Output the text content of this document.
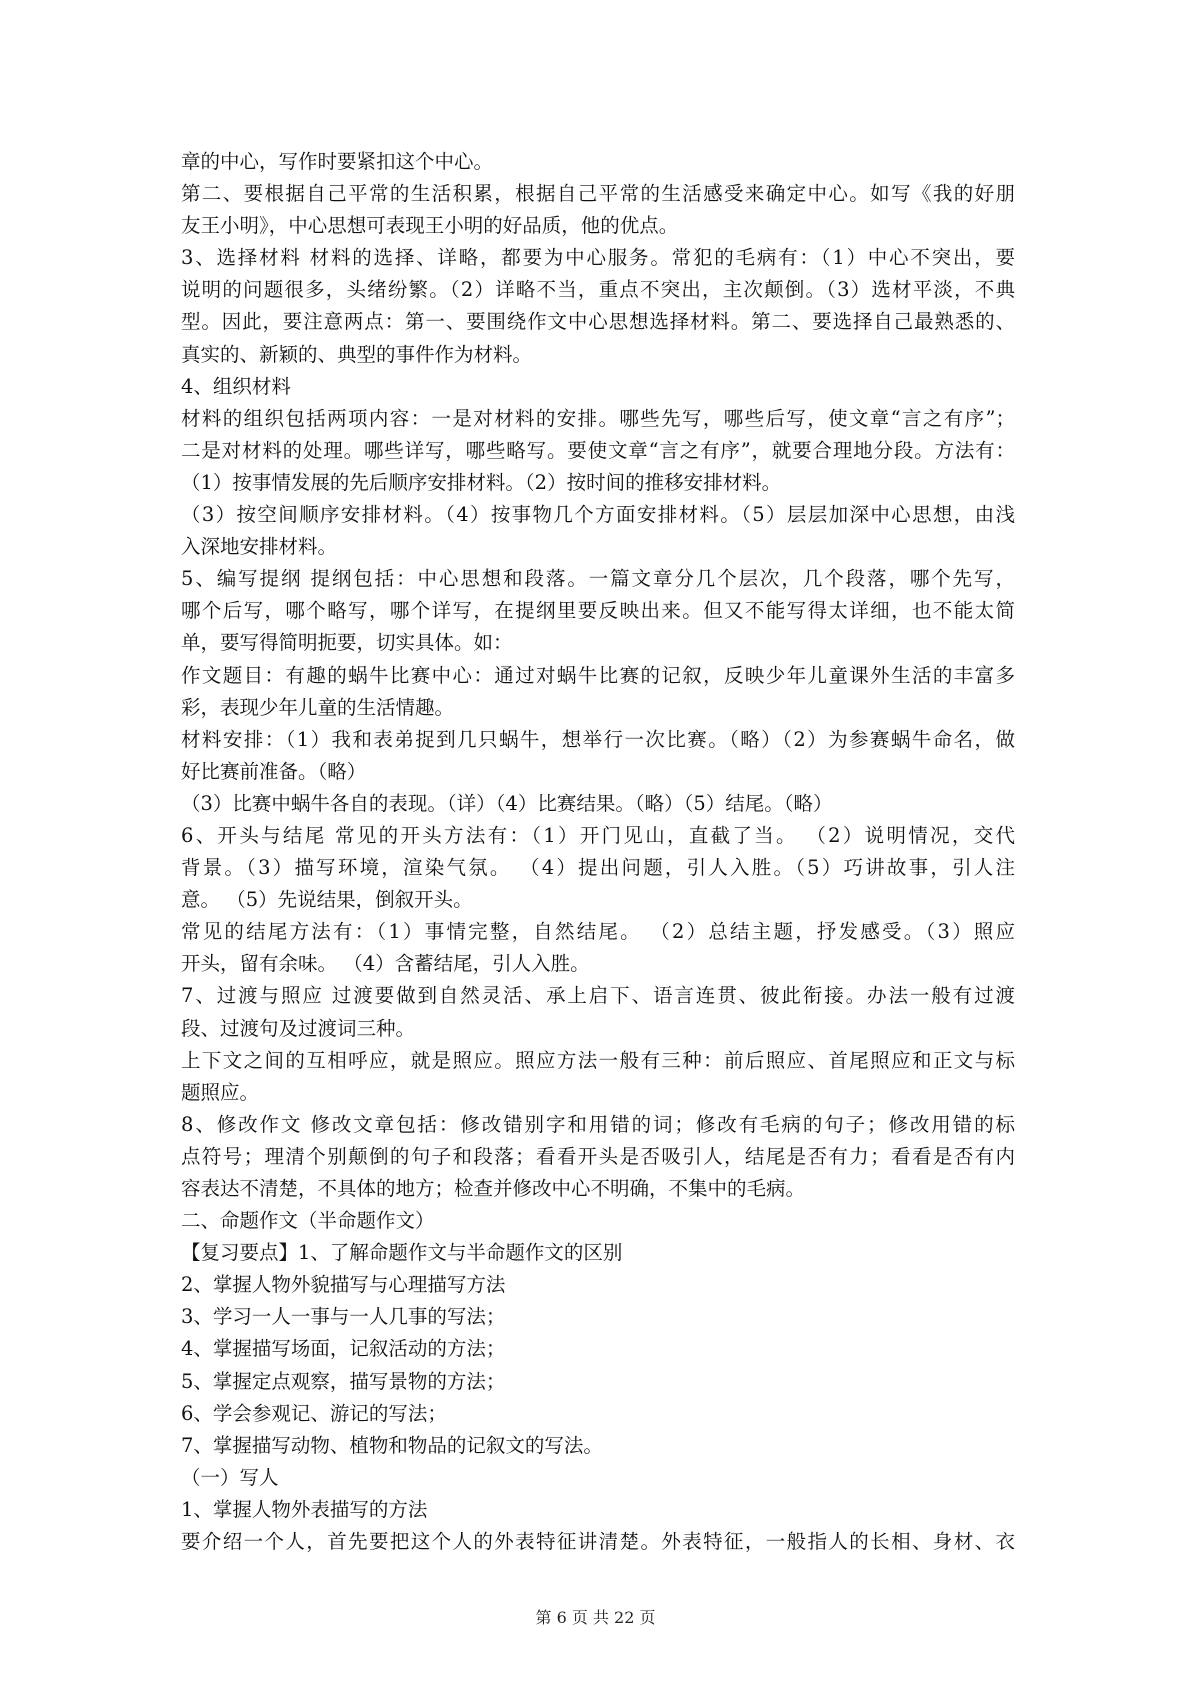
章的中心，写作时要紧扣这个中心。
第二、要根据自己平常的生活积累，根据自己平常的生活感受来确定中心。如写《我的好朋
友王小明》，中心思想可表现王小明的好品质，他的优点。
3、选择材料 材料的选择、详略，都要为中心服务。常犯的毛病有：（1）中心不突出，要
说明的问题很多，头绪纷繁。（2）详略不当，重点不突出，主次颠倒。（3）选材平淡，不典
型。因此，要注意两点：第一、要围绕作文中心思想选择材料。第二、要选择自己最熟悉的、
真实的、新颖的、典型的事件作为材料。
4、组织材料
材料的组织包括两项内容：一是对材料的安排。哪些先写，哪些后写，使文章“言之有序”；
二是对材料的处理。哪些详写，哪些略写。要使文章“言之有序”，就要合理地分段。方法有：
（1）按事情发展的先后顺序安排材料。（2）按时间的推移安排材料。
（3）按空间顺序安排材料。（4）按事物几个方面安排材料。（5）层层加深中心思想，由浅
入深地安排材料。
5、编写提纲 提纲包括：中心思想和段落。一篇文章分几个层次，几个段落，哪个先写，
哪个后写，哪个略写，哪个详写，在提纲里要反映出来。但又不能写得太详细，也不能太简
单，要写得简明扼要，切实具体。如：
作文题目：有趣的蜗牛比赛中心：通过对蜗牛比赛的记叙，反映少年儿童课外生活的丰富多
彩，表现少年儿童的生活情趣。
材料安排：（1）我和表弟捉到几只蜗牛，想举行一次比赛。（略）（2）为参赛蜗牛命名，做
好比赛前准备。（略）
（3）比赛中蜗牛各自的表现。（详）（4）比赛结果。（略）（5）结尾。（略）
6、开头与结尾 常见的开头方法有：（1）开门见山，直截了当。 （2）说明情况，交代
背景。（3）描写环境，渲染气氛。 （4）提出问题，引人入胜。（5）巧讲故事，引人注
意。 （5）先说结果，倒叙开头。
常见的结尾方法有：（1）事情完整，自然结尾。 （2）总结主题，抒发感受。（3）照应
开头，留有余味。 （4）含蓄结尾，引人入胜。
7、过渡与照应 过渡要做到自然灵活、承上启下、语言连贯、彼此衔接。办法一般有过渡
段、过渡句及过渡词三种。
上下文之间的互相呼应，就是照应。照应方法一般有三种：前后照应、首尾照应和正文与标
题照应。
8、修改作文 修改文章包括：修改错别字和用错的词；修改有毛病的句子；修改用错的标
点符号；理清个别颠倒的句子和段落；看看开头是否吸引人，结尾是否有力；看看是否有内
容表达不清楚，不具体的地方；检查并修改中心不明确，不集中的毛病。
二、命题作文（半命题作文）
【复习要点】1、了解命题作文与半命题作文的区别
2、掌握人物外貌描写与心理描写方法
3、学习一人一事与一人几事的写法；
4、掌握描写场面，记叙活动的方法；
5、掌握定点观察，描写景物的方法；
6、学会参观记、游记的写法；
7、掌握描写动物、植物和物品的记叙文的写法。
（一）写人
1、掌握人物外表描写的方法
要介绍一个人，首先要把这个人的外表特征讲清楚。外表特征，一般指人的长相、身材、衣
第 6 页 共 22 页
